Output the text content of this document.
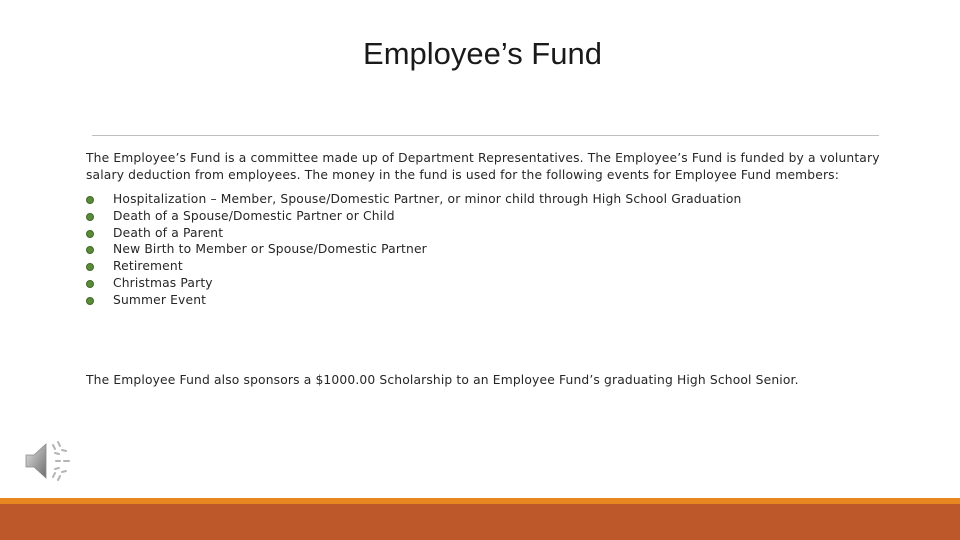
Employee’s Fund

The Employee’s Fund is a committee made up of Department Representatives. The Employee’s Fund is funded by a voluntary salary deduction from employees. The money in the fund is used for the following events for Employee Fund members:

Hospitalization – Member, Spouse/Domestic Partner, or minor child through High School Graduation
Death of a Spouse/Domestic Partner or Child
Death of a Parent
New Birth to Member or Spouse/Domestic Partner
Retirement
Christmas Party
Summer Event

The Employee Fund also sponsors a $1000.00 Scholarship to an Employee Fund’s graduating High School Senior.
